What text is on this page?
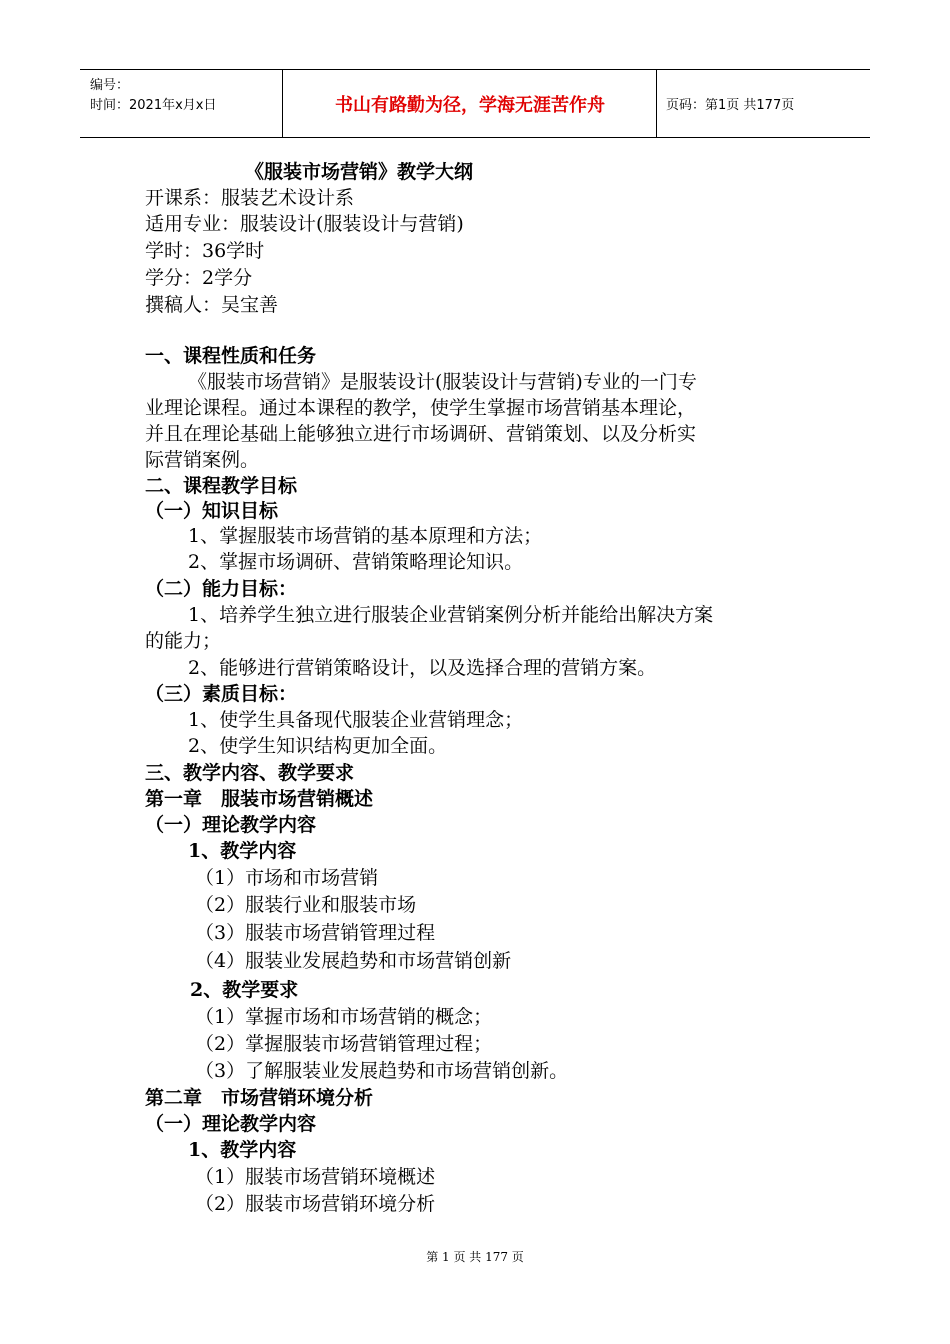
编号：
时间：2021年x月x日	书山有路勤为径，学海无涯苦作舟	页码：第1页 共177页
《服装市场营销》教学大纲
开课系：服装艺术设计系
适用专业：服装设计(服装设计与营销)
学时：36学时
学分：2学分
撰稿人：吴宝善
一、课程性质和任务
《服装市场营销》是服装设计(服装设计与营销)专业的一门专
业理论课程。通过本课程的教学，使学生掌握市场营销基本理论，
并且在理论基础上能够独立进行市场调研、营销策划、以及分析实
际营销案例。
二、课程教学目标
（一）知识目标
1、掌握服装市场营销的基本原理和方法；
2、掌握市场调研、营销策略理论知识。
（二）能力目标：
1、培养学生独立进行服装企业营销案例分析并能给出解决方案
的能力；
2、能够进行营销策略设计，以及选择合理的营销方案。
（三）素质目标：
1、使学生具备现代服装企业营销理念；
2、使学生知识结构更加全面。
三、教学内容、教学要求
第一章　服装市场营销概述
（一）理论教学内容
1、教学内容
（1）市场和市场营销
（2）服装行业和服装市场
（3）服装市场营销管理过程
（4）服装业发展趋势和市场营销创新
2、教学要求
（1）掌握市场和市场营销的概念；
（2）掌握服装市场营销管理过程；
（3）了解服装业发展趋势和市场营销创新。
第二章　市场营销环境分析
（一）理论教学内容
1、教学内容
（1）服装市场营销环境概述
（2）服装市场营销环境分析
第 1 页 共 177 页
